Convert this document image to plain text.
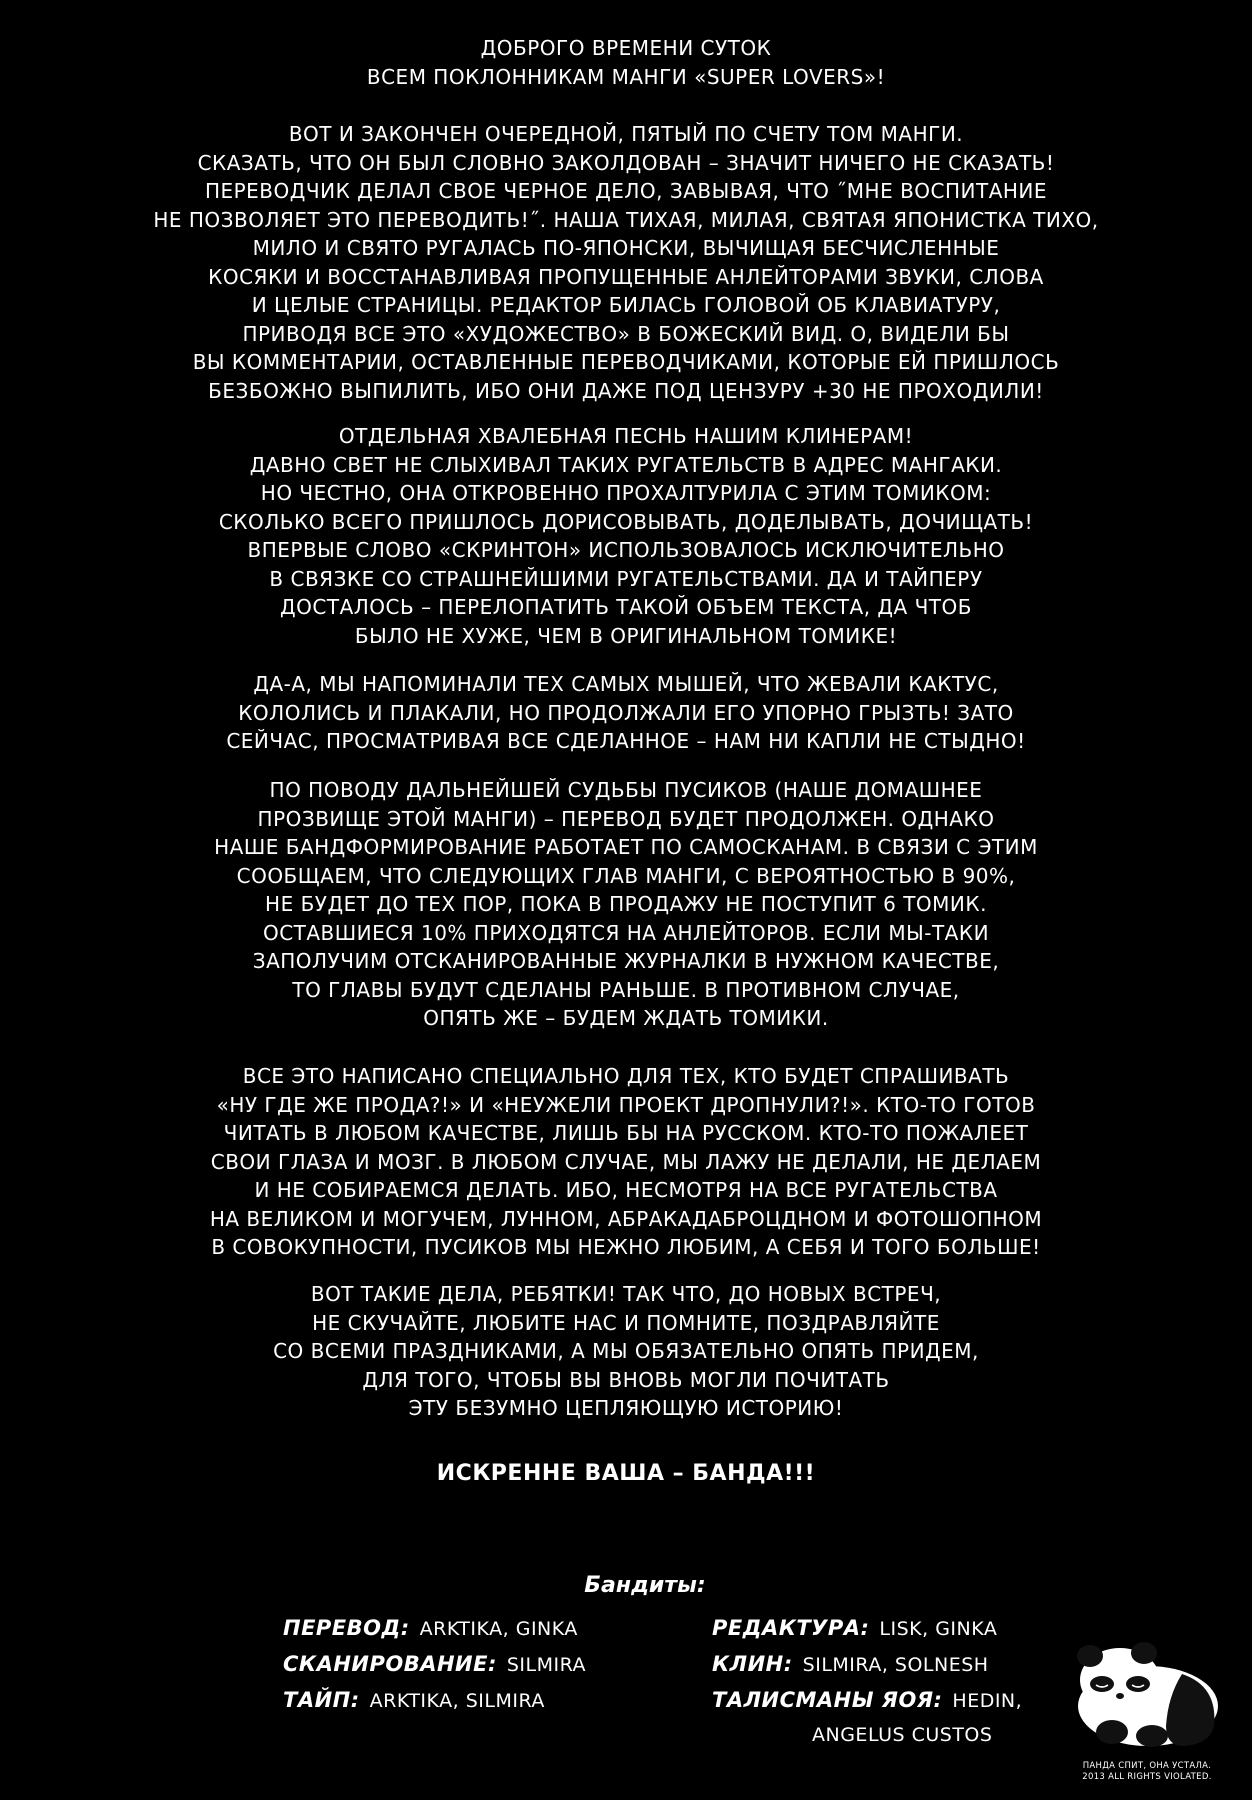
ДОБРОГО ВРЕМЕНИ СУТОК
ВСЕМ ПОКЛОННИКАМ МАНГИ «SUPER LOVERS»!
ВОТ И ЗАКОНЧЕН ОЧЕРЕДНОЙ, ПЯТЫЙ ПО СЧЕТУ ТОМ МАНГИ.
СКАЗАТЬ, ЧТО ОН БЫЛ СЛОВНО ЗАКОЛДОВАН – ЗНАЧИТ НИЧЕГО НЕ СКАЗАТЬ!
ПЕРЕВОДЧИК ДЕЛАЛ СВОЕ ЧЕРНОЕ ДЕЛО, ЗАВЫВАЯ, ЧТО ˝МНЕ ВОСПИТАНИЕ
НЕ ПОЗВОЛЯЕТ ЭТО ПЕРЕВОДИТЬ!˝. НАША ТИХАЯ, МИЛАЯ, СВЯТАЯ ЯПОНИСТКА ТИХО,
МИЛО И СВЯТО РУГАЛАСЬ ПО-ЯПОНСКИ, ВЫЧИЩАЯ БЕСЧИСЛЕННЫЕ
КОСЯКИ И ВОССТАНАВЛИВАЯ ПРОПУЩЕННЫЕ АНЛЕЙТОРАМИ ЗВУКИ, СЛОВА
И ЦЕЛЫЕ СТРАНИЦЫ. РЕДАКТОР БИЛАСЬ ГОЛОВОЙ ОБ КЛАВИАТУРУ,
ПРИВОДЯ ВСЕ ЭТО «ХУДОЖЕСТВО» В БОЖЕСКИЙ ВИД. О, ВИДЕЛИ БЫ
ВЫ КОММЕНТАРИИ, ОСТАВЛЕННЫЕ ПЕРЕВОДЧИКАМИ, КОТОРЫЕ ЕЙ ПРИШЛОСЬ
БЕЗБОЖНО ВЫПИЛИТЬ, ИБО ОНИ ДАЖЕ ПОД ЦЕНЗУРУ +30 НЕ ПРОХОДИЛИ!
ОТДЕЛЬНАЯ ХВАЛЕБНАЯ ПЕСНЬ НАШИМ КЛИНЕРАМ!
ДАВНО СВЕТ НЕ СЛЫХИВАЛ ТАКИХ РУГАТЕЛЬСТВ В АДРЕС МАНГАКИ.
НО ЧЕСТНО, ОНА ОТКРОВЕННО ПРОХАЛТУРИЛА С ЭТИМ ТОМИКОМ:
СКОЛЬКО ВСЕГО ПРИШЛОСЬ ДОРИСОВЫВАТЬ, ДОДЕЛЫВАТЬ, ДОЧИЩАТЬ!
ВПЕРВЫЕ СЛОВО «СКРИНТОН» ИСПОЛЬЗОВАЛОСЬ ИСКЛЮЧИТЕЛЬНО
В СВЯЗКЕ СО СТРАШНЕЙШИМИ РУГАТЕЛЬСТВАМИ. ДА И ТАЙПЕРУ
ДОСТАЛОСЬ – ПЕРЕЛОПАТИТЬ ТАКОЙ ОБЪЕМ ТЕКСТА, ДА ЧТОБ
БЫЛО НЕ ХУЖЕ, ЧЕМ В ОРИГИНАЛЬНОМ ТОМИКЕ!
ДА-А, МЫ НАПОМИНАЛИ ТЕХ САМЫХ МЫШЕЙ, ЧТО ЖЕВАЛИ КАКТУС,
КОЛОЛИСЬ И ПЛАКАЛИ, НО ПРОДОЛЖАЛИ ЕГО УПОРНО ГРЫЗТЬ! ЗАТО
СЕЙЧАС, ПРОСМАТРИВАЯ ВСЕ СДЕЛАННОЕ – НАМ НИ КАПЛИ НЕ СТЫДНО!
ПО ПОВОДУ ДАЛЬНЕЙШЕЙ СУДЬБЫ ПУСИКОВ (НАШЕ ДОМАШНЕЕ
ПРОЗВИЩЕ ЭТОЙ МАНГИ) – ПЕРЕВОД БУДЕТ ПРОДОЛЖЕН. ОДНАКО
НАШЕ БАНДФОРМИРОВАНИЕ РАБОТАЕТ ПО САМОСКАНАМ. В СВЯЗИ С ЭТИМ
СООБЩАЕМ, ЧТО СЛЕДУЮЩИХ ГЛАВ МАНГИ, С ВЕРОЯТНОСТЬЮ В 90%,
НЕ БУДЕТ ДО ТЕХ ПОР, ПОКА В ПРОДАЖУ НЕ ПОСТУПИТ 6 ТОМИК.
ОСТАВШИЕСЯ 10% ПРИХОДЯТСЯ НА АНЛЕЙТОРОВ. ЕСЛИ МЫ-ТАКИ
ЗАПОЛУЧИМ ОТСКАНИРОВАННЫЕ ЖУРНАЛКИ В НУЖНОМ КАЧЕСТВЕ,
ТО ГЛАВЫ БУДУТ СДЕЛАНЫ РАНЬШЕ. В ПРОТИВНОМ СЛУЧАЕ,
ОПЯТЬ ЖЕ – БУДЕМ ЖДАТЬ ТОМИКИ.
ВСЕ ЭТО НАПИСАНО СПЕЦИАЛЬНО ДЛЯ ТЕХ, КТО БУДЕТ СПРАШИВАТЬ
«НУ ГДЕ ЖЕ ПРОДА?!» И «НЕУЖЕЛИ ПРОЕКТ ДРОПНУЛИ?!». КТО-ТО ГОТОВ
ЧИТАТЬ В ЛЮБОМ КАЧЕСТВЕ, ЛИШЬ БЫ НА РУССКОМ. КТО-ТО ПОЖАЛЕЕТ
СВОИ ГЛАЗА И МОЗГ. В ЛЮБОМ СЛУЧАЕ, МЫ ЛАЖУ НЕ ДЕЛАЛИ, НЕ ДЕЛАЕМ
И НЕ СОБИРАЕМСЯ ДЕЛАТЬ. ИБО, НЕСМОТРЯ НА ВСЕ РУГАТЕЛЬСТВА
НА ВЕЛИКОМ И МОГУЧЕМ, ЛУННОМ, АБРАКАДАБРОЦДНОМ И ФОТОШОПНОМ
В СОВОКУПНОСТИ, ПУСИКОВ МЫ НЕЖНО ЛЮБИМ, А СЕБЯ И ТОГО БОЛЬШЕ!
ВОТ ТАКИЕ ДЕЛА, РЕБЯТКИ! ТАК ЧТО, ДО НОВЫХ ВСТРЕЧ,
НЕ СКУЧАЙТЕ, ЛЮБИТЕ НАС И ПОМНИТЕ, ПОЗДРАВЛЯЙТЕ
СО ВСЕМИ ПРАЗДНИКАМИ, А МЫ ОБЯЗАТЕЛЬНО ОПЯТЬ ПРИДЕМ,
ДЛЯ ТОГО, ЧТОБЫ ВЫ ВНОВЬ МОГЛИ ПОЧИТАТЬ
ЭТУ БЕЗУМНО ЦЕПЛЯЮЩУЮ ИСТОРИЮ!
ИСКРЕННЕ ВАША – БАНДА!!!
Бандиты:
ПЕРЕВОД: ARKTIKA, GINKA
СКАНИРОВАНИЕ: SILMIRA
ТАЙП: ARKTIKA, SILMIRA
РЕДАКТУРА: LISK, GINKA
КЛИН: SILMIRA, SOLNESH
ТАЛИСМАНЫ ЯОЯ: HEDIN,
ANGELUS CUSTOS
ПАНДА СПИТ, ОНА УСТАЛА.
2013 ALL RIGHTS VIOLATED.
